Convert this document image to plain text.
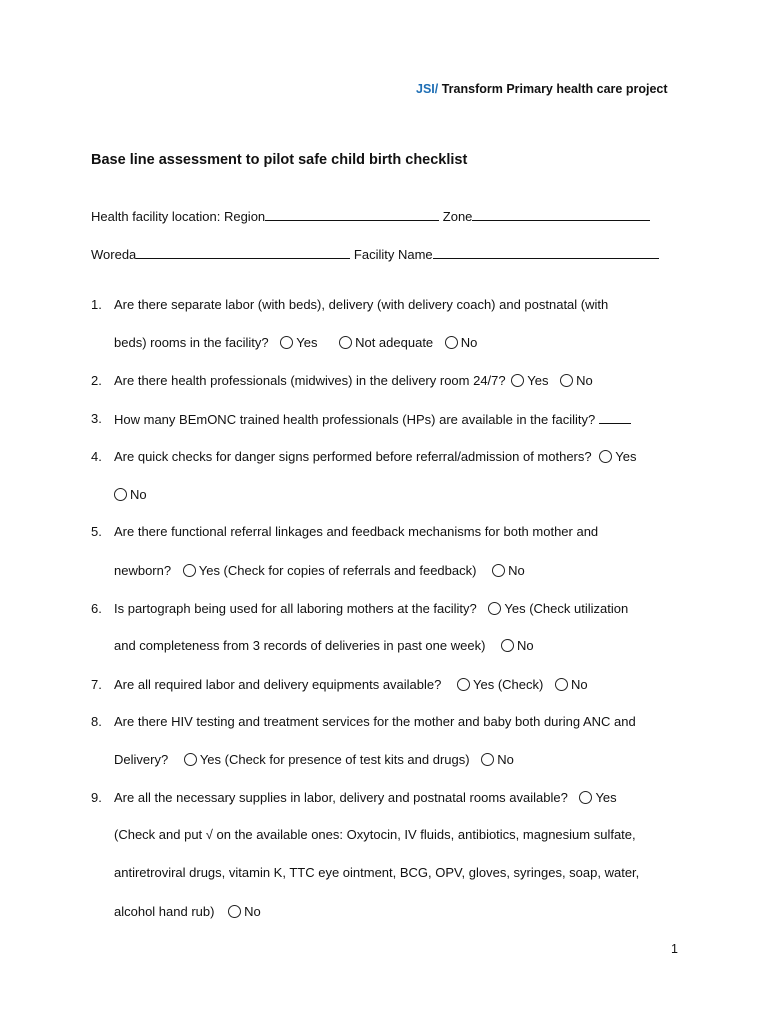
JSI/ Transform Primary health care project
Base line assessment to pilot safe child birth checklist
Health facility location: Region	Zone
Woreda	Facility Name
1. Are there separate labor (with beds), delivery (with delivery coach) and postnatal (with
beds) rooms in the facility? Yes	Not adequate No
2. Are there health professionals (midwives) in the delivery room 24/7? Yes No
3. How many BEmONC trained health professionals (HPs) are available in the facility?
4. Are quick checks for danger signs performed before referral/admission of mothers? Yes
No
5. Are there functional referral linkages and feedback mechanisms for both mother and
newborn? Yes (Check for copies of referrals and feedback) No
6. Is partograph being used for all laboring mothers at the facility? Yes (Check utilization
and completeness from 3 records of deliveries in past one week) No
7. Are all required labor and delivery equipments available? Yes (Check) No
8. Are there HIV testing and treatment services for the mother and baby both during ANC and
Delivery? Yes (Check for presence of test kits and drugs) No
9. Are all the necessary supplies in labor, delivery and postnatal rooms available? Yes
(Check and put √ on the available ones: Oxytocin, IV fluids, antibiotics, magnesium sulfate,
antiretroviral drugs, vitamin K, TTC eye ointment, BCG, OPV, gloves, syringes, soap, water,
alcohol hand rub) No
1
